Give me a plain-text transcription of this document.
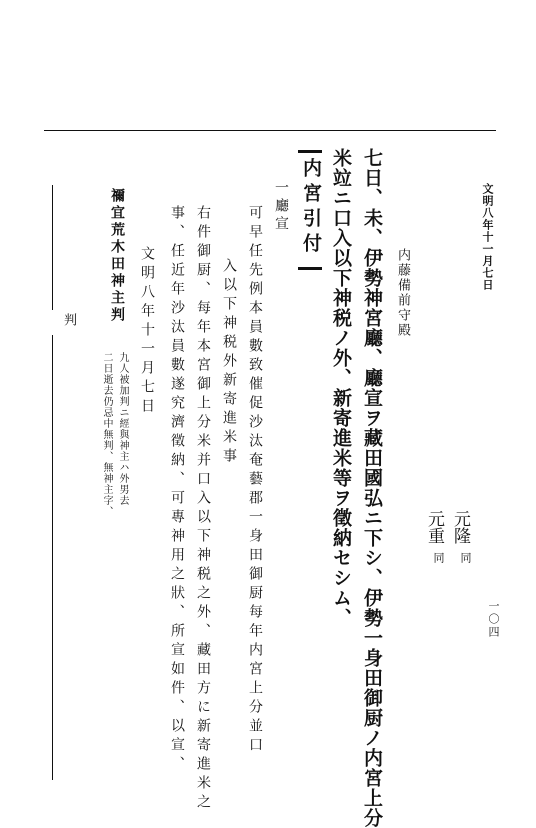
文明八年十一月七日
七日、未、伊勢神宮廳、廳宣ヲ藏田國弘ニ下シ、伊勢一身田御厨ノ内宮上分
米竝ニ口入以下神税ノ外、新寄進米等ヲ徵納セシム、
内宮引付
一廳宣
内藤備前守殿
可早任先例本員數致催促沙汰奄藝郡一身田御厨每年内宮上分並口
入以下神税外新寄進米事
右件御厨、每年本宮御上分米并口入以下神税之外、藏田方に新寄進米之
事、任近年沙汰員數遂究濟徵納、可專神用之狀、所宣如件、以宣、
文明八年十一月七日
禰宜荒木田神主判
九人被加判ニ經與神主ハ外男去
二日逝去仍忌中無判、無神主字、
判
元隆
同
元重
同
一〇四
